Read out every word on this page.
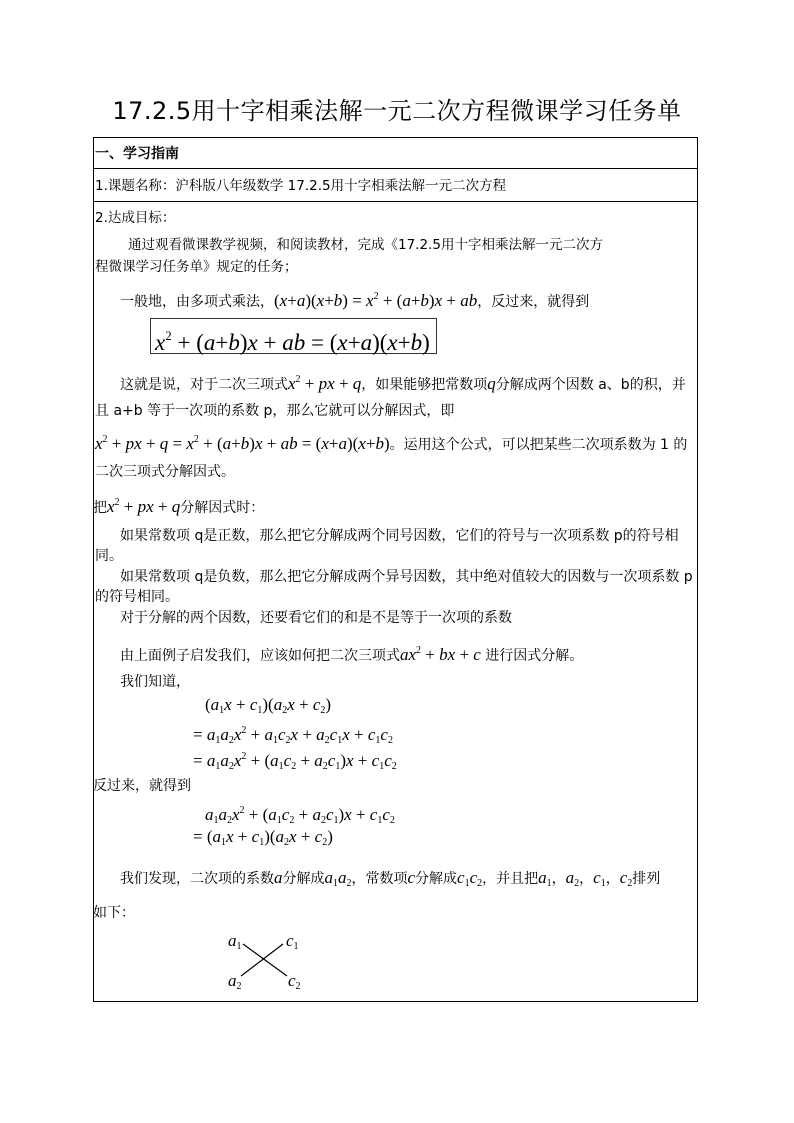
17.2.5用十字相乘法解一元二次方程微课学习任务单
一、学习指南
1.课题名称：沪科版八年级数学 17.2.5用十字相乘法解一元二次方程
2.达成目标：
通过观看微课教学视频，和阅读教材，完成《17.2.5用十字相乘法解一元二次方
程微课学习任务单》规定的任务；
一般地，由多项式乘法，$(x+a)(x+b) = x^2 + (a+b)x$ + ab，反过来，就得到
$x^2 + (a+b)x$ + ab = (x+a)(x+b)
这就是说，对于二次三项式$x^2$ + px + q，如果能够把常数项q分解成两个因数 a、b的积，并
且 a+b 等于一次项的系数 p，那么它就可以分解因式，即
$x^2$ + px + $q = x^2 + (a+b)x$ + ab = (x+a)(x+b)。运用这个公式，可以把某些二次项系数为 1 的
二次三项式分解因式。
把$x^2$ + px + q分解因式时：
如果常数项 q是正数，那么把它分解成两个同号因数，它们的符号与一次项系数 p的符号相
同。
如果常数项 q是负数，那么把它分解成两个异号因数，其中绝对值较大的因数与一次项系数 p
的符号相同。
对于分解的两个因数，还要看它们的和是不是等于一次项的系数
由上面例子启发我们，应该如何把二次三项式$ax^2$ + bx + c 进行因式分解。
我们知道，
$(a_1x + c_1)(a_2x + c_2)$
= $a_1a_2x^2 + a_1c_2x + a_2c_1x + c_1c_2$
= $a_1a_2x^2 + (a_1c_2 + a_2c_1)x + c_1c_2$
反过来，就得到
$a_1a_2x^2 + (a_1c_2 + a_2c_1)x + c_1c_2$
= $(a_1x + c_1)(a_2x + c_2)$
我们发现，二次项的系数a分解成$a_1a_2$，常数项c分解成$c_1c_2$，并且把$a_1$，$a_2$，$c_1$，$c_2$排列
如下：
$a_1$	$c_1$
$a_2$	$c_2$
